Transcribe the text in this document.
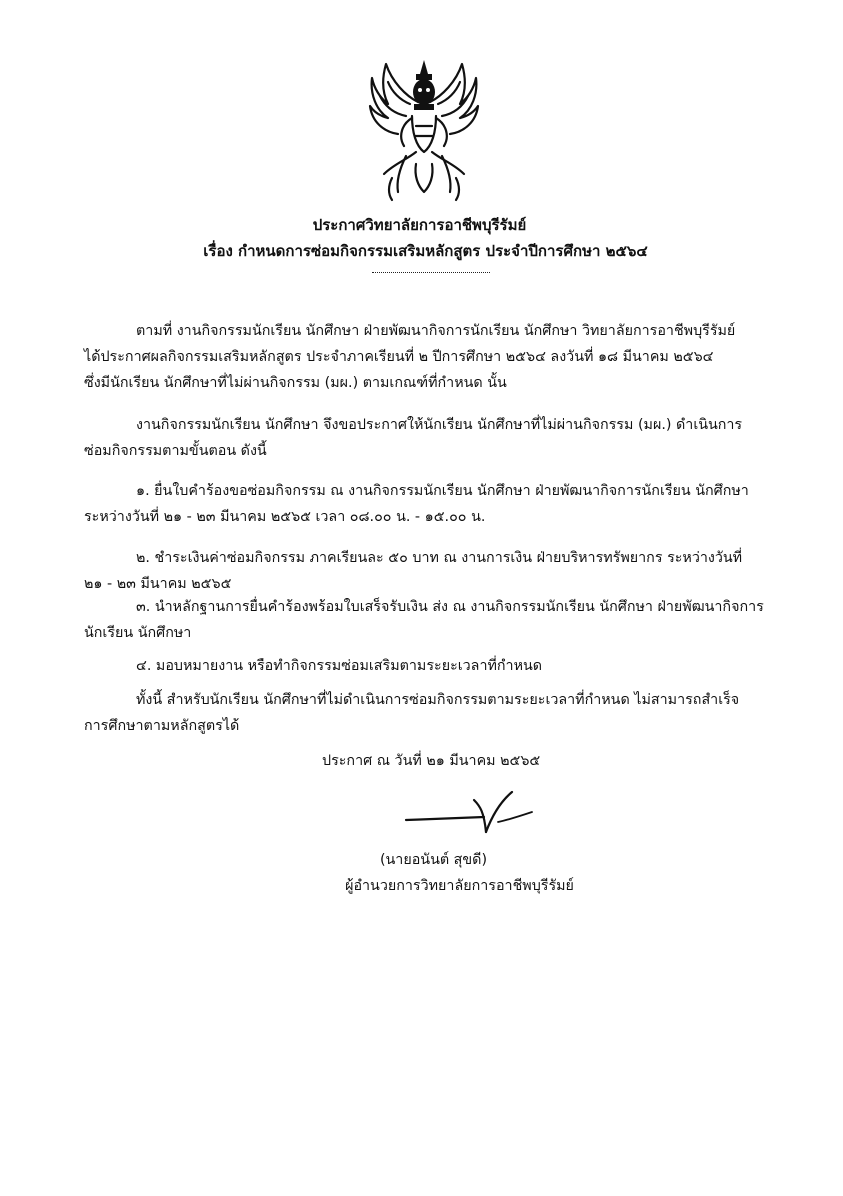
ประกาศวิทยาลัยการอาชีพบุรีรัมย์
เรื่อง กำหนดการซ่อมกิจกรรมเสริมหลักสูตร ประจำปีการศึกษา ๒๕๖๔
ตามที่ งานกิจกรรมนักเรียน นักศึกษา ฝ่ายพัฒนากิจการนักเรียน นักศึกษา วิทยาลัยการอาชีพบุรีรัมย์
ได้ประกาศผลกิจกรรมเสริมหลักสูตร ประจำภาคเรียนที่ ๒ ปีการศึกษา ๒๕๖๔ ลงวันที่ ๑๘ มีนาคม ๒๕๖๔
ซึ่งมีนักเรียน นักศึกษาที่ไม่ผ่านกิจกรรม (มผ.) ตามเกณฑ์ที่กำหนด นั้น
งานกิจกรรมนักเรียน นักศึกษา จึงขอประกาศให้นักเรียน นักศึกษาที่ไม่ผ่านกิจกรรม (มผ.) ดำเนินการ
ซ่อมกิจกรรมตามขั้นตอน ดังนี้
๑. ยื่นใบคำร้องขอซ่อมกิจกรรม ณ งานกิจกรรมนักเรียน นักศึกษา ฝ่ายพัฒนากิจการนักเรียน นักศึกษา
ระหว่างวันที่ ๒๑ - ๒๓ มีนาคม ๒๕๖๕ เวลา ๐๘.๐๐ น. - ๑๕.๐๐ น.
๒. ชำระเงินค่าซ่อมกิจกรรม ภาคเรียนละ ๕๐ บาท ณ งานการเงิน ฝ่ายบริหารทรัพยากร ระหว่างวันที่
๒๑ - ๒๓ มีนาคม ๒๕๖๕
๓. นำหลักฐานการยื่นคำร้องพร้อมใบเสร็จรับเงิน ส่ง ณ งานกิจกรรมนักเรียน นักศึกษา ฝ่ายพัฒนากิจการ
นักเรียน นักศึกษา
๔. มอบหมายงาน หรือทำกิจกรรมซ่อมเสริมตามระยะเวลาที่กำหนด
ทั้งนี้ สำหรับนักเรียน นักศึกษาที่ไม่ดำเนินการซ่อมกิจกรรมตามระยะเวลาที่กำหนด ไม่สามารถสำเร็จ
การศึกษาตามหลักสูตรได้
ประกาศ ณ วันที่ ๒๑ มีนาคม ๒๕๖๕
(นายอนันต์ สุขดี)
ผู้อำนวยการวิทยาลัยการอาชีพบุรีรัมย์
